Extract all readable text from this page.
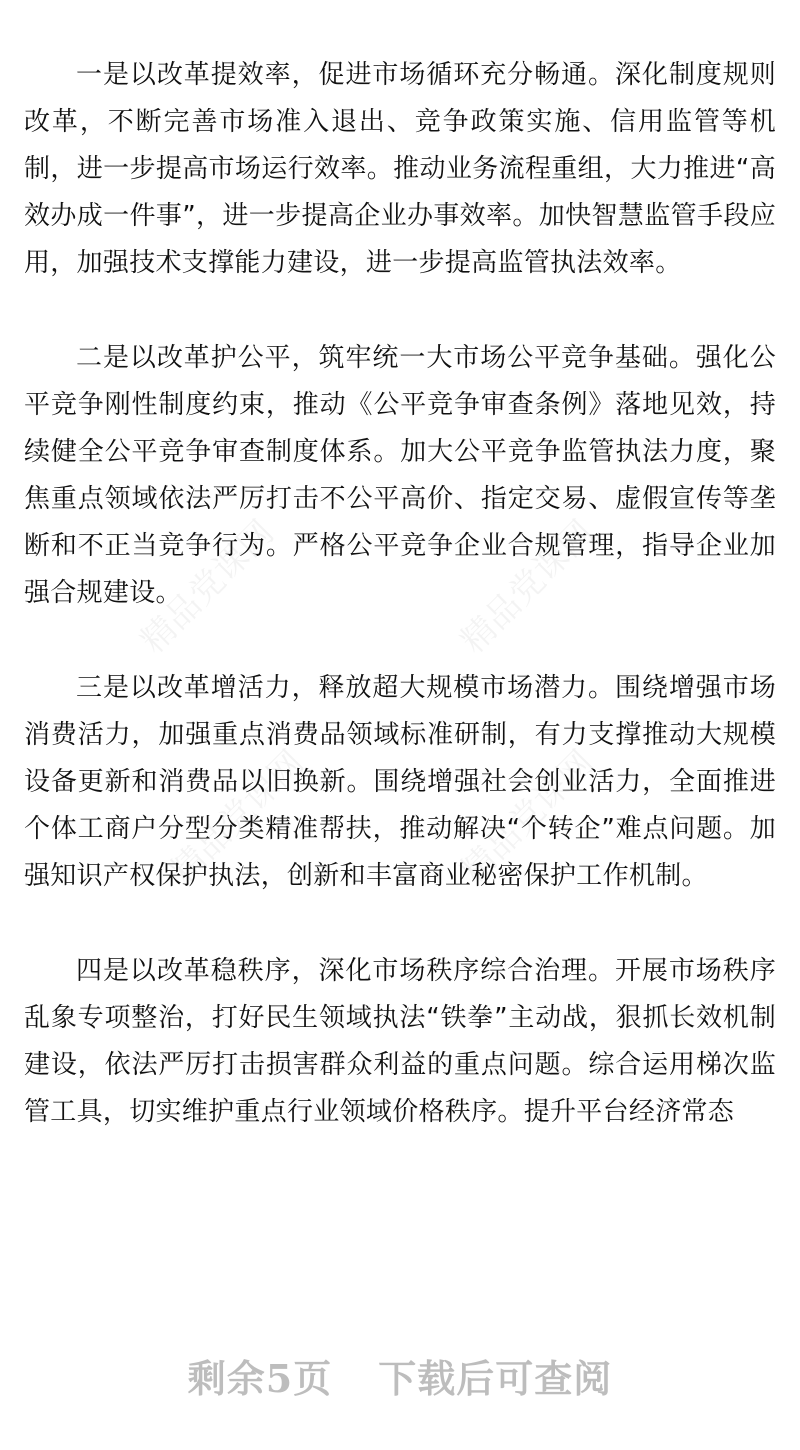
一是以改革提效率，促进市场循环充分畅通。深化制度规则改革，不断完善市场准入退出、竞争政策实施、信用监管等机制，进一步提高市场运行效率。推动业务流程重组，大力推进“高效办成一件事”，进一步提高企业办事效率。加快智慧监管手段应用，加强技术支撑能力建设，进一步提高监管执法效率。

二是以改革护公平，筑牢统一大市场公平竞争基础。强化公平竞争刚性制度约束，推动《公平竞争审查条例》落地见效，持续健全公平竞争审查制度体系。加大公平竞争监管执法力度，聚焦重点领域依法严厉打击不公平高价、指定交易、虚假宣传等垄断和不正当竞争行为。严格公平竞争企业合规管理，指导企业加强合规建设。

三是以改革增活力，释放超大规模市场潜力。围绕增强市场消费活力，加强重点消费品领域标准研制，有力支撑推动大规模设备更新和消费品以旧换新。围绕增强社会创业活力，全面推进个体工商户分型分类精准帮扶，推动解决“个转企”难点问题。加强知识产权保护执法，创新和丰富商业秘密保护工作机制。

四是以改革稳秩序，深化市场秩序综合治理。开展市场秩序乱象专项整治，打好民生领域执法“铁拳”主动战，狠抓长效机制建设，依法严厉打击损害群众利益的重点问题。综合运用梯次监管工具，切实维护重点行业领域价格秩序。提升平台经济常态

剩余5页 下载后可查阅
